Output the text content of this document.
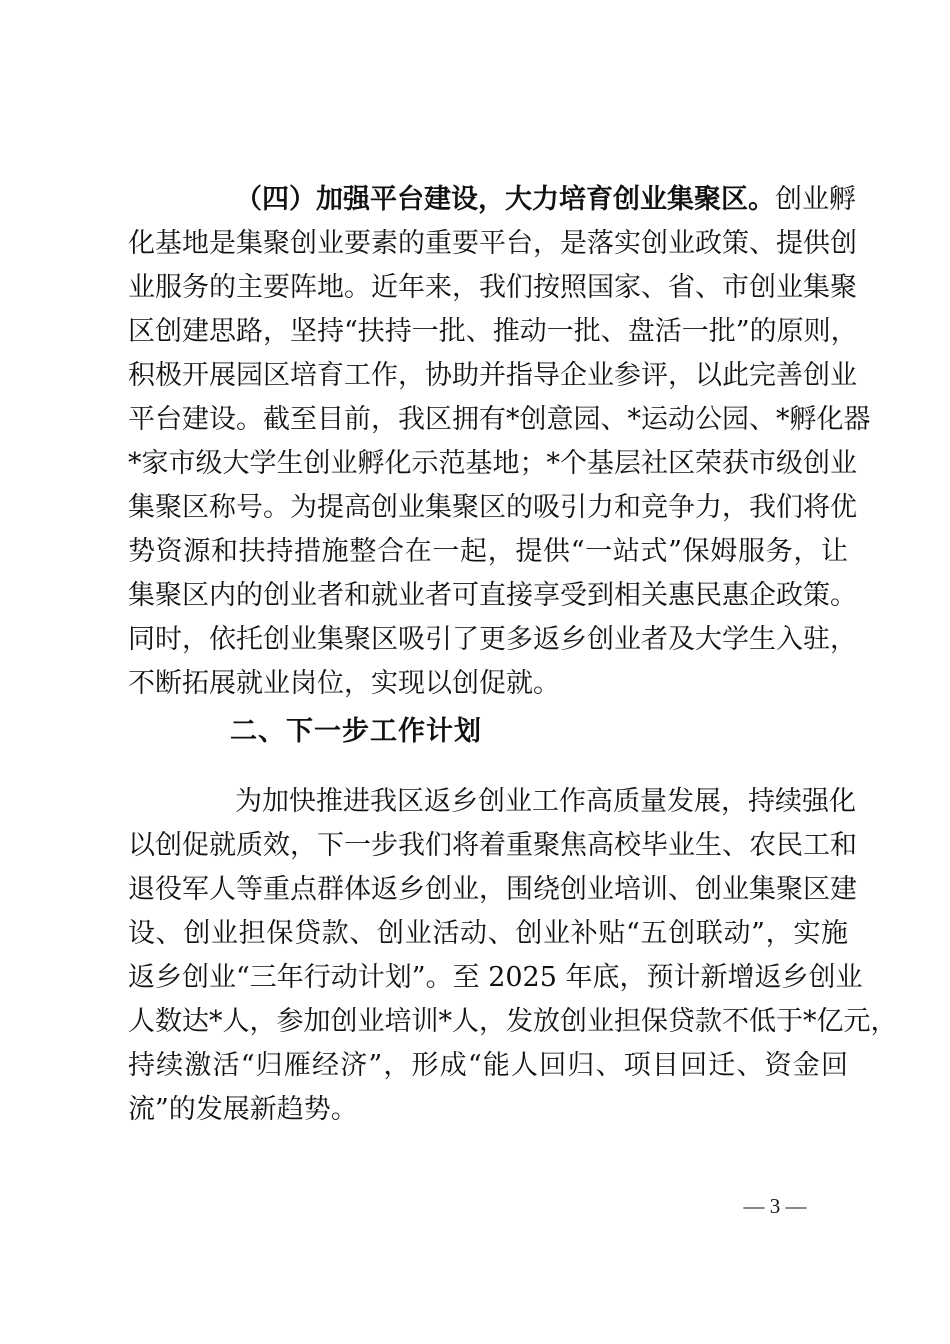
（四）加强平台建设，大力培育创业集聚区。创业孵
化基地是集聚创业要素的重要平台，是落实创业政策、提供创
业服务的主要阵地。近年来，我们按照国家、省、市创业集聚
区创建思路，坚持“扶持一批、推动一批、盘活一批”的原则，
积极开展园区培育工作，协助并指导企业参评，以此完善创业
平台建设。截至目前，我区拥有*创意园、*运动公园、*孵化器
*家市级大学生创业孵化示范基地；*个基层社区荣获市级创业
集聚区称号。为提高创业集聚区的吸引力和竞争力，我们将优
势资源和扶持措施整合在一起，提供“一站式”保姆服务，让
集聚区内的创业者和就业者可直接享受到相关惠民惠企政策。
同时，依托创业集聚区吸引了更多返乡创业者及大学生入驻，
不断拓展就业岗位，实现以创促就。
二、下一步工作计划
为加快推进我区返乡创业工作高质量发展，持续强化
以创促就质效，下一步我们将着重聚焦高校毕业生、农民工和
退役军人等重点群体返乡创业，围绕创业培训、创业集聚区建
设、创业担保贷款、创业活动、创业补贴“五创联动”，实施
返乡创业“三年行动计划”。至 2025 年底，预计新增返乡创业
人数达*人，参加创业培训*人，发放创业担保贷款不低于*亿元，
持续激活“归雁经济”，形成“能人回归、项目回迁、资金回
流”的发展新趋势。
— 3 —
